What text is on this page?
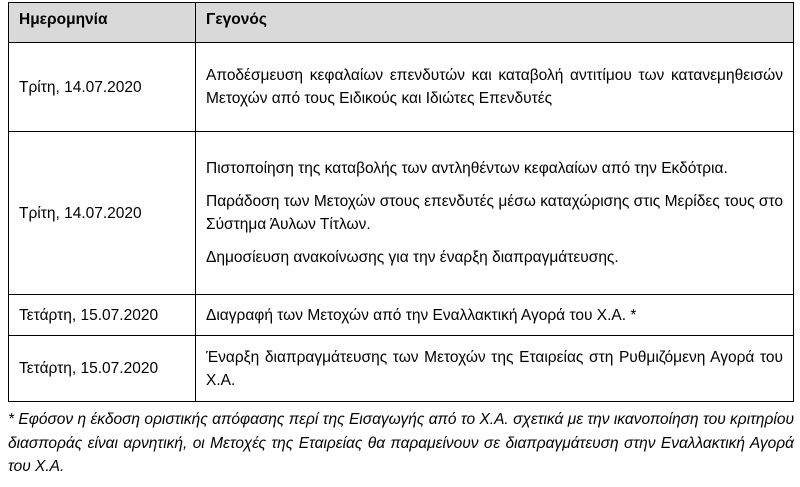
Ημερομηνία	Γεγονός
Τρίτη, 14.07.2020	Αποδέσμευση κεφαλαίων επενδυτών και καταβολή αντιτίμου των κατανεμηθεισών Μετοχών από τους Ειδικούς και Ιδιώτες Επενδυτές

Τρίτη, 14.07.2020	Πιστοποίηση της καταβολής των αντληθέντων κεφαλαίων από την Εκδότρια.

Παράδοση των Μετοχών στους επενδυτές μέσω καταχώρισης στις Μερίδες τους στο Σύστημα Άυλων Τίτλων.

Δημοσίευση ανακοίνωσης για την έναρξη διαπραγμάτευσης.

Τετάρτη, 15.07.2020	Διαγραφή των Μετοχών από την Εναλλακτική Αγορά του Χ.Α. *

Τετάρτη, 15.07.2020	Έναρξη διαπραγμάτευσης των Μετοχών της Εταιρείας στη Ρυθμιζόμενη Αγορά του Χ.Α.

* Εφόσον η έκδοση οριστικής απόφασης περί της Εισαγωγής από το Χ.Α. σχετικά με την ικανοποίηση του κριτηρίου διασποράς είναι αρνητική, οι Μετοχές της Εταιρείας θα παραμείνουν σε διαπραγμάτευση στην Εναλλακτική Αγορά του Χ.Α.
